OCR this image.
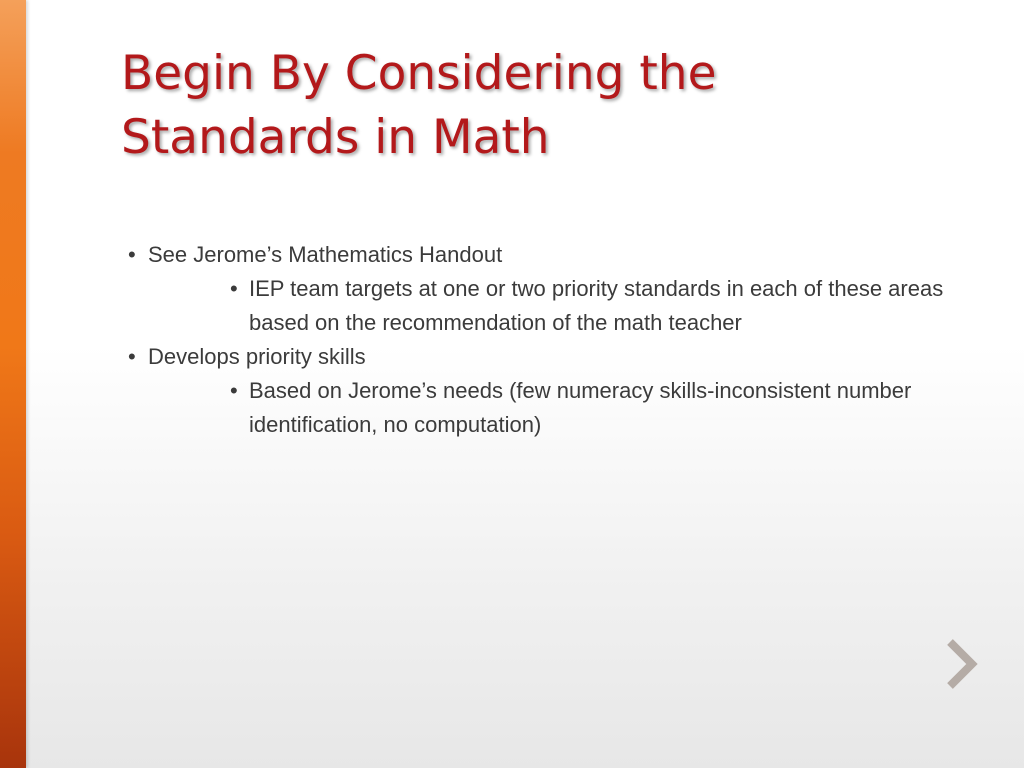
Begin By Considering the
Standards in Math
• See Jerome’s Mathematics Handout
• IEP team targets at one or two priority standards in each of these areas based on the recommendation of the math teacher
• Develops priority skills
• Based on Jerome’s needs (few numeracy skills-inconsistent number identification, no computation)
